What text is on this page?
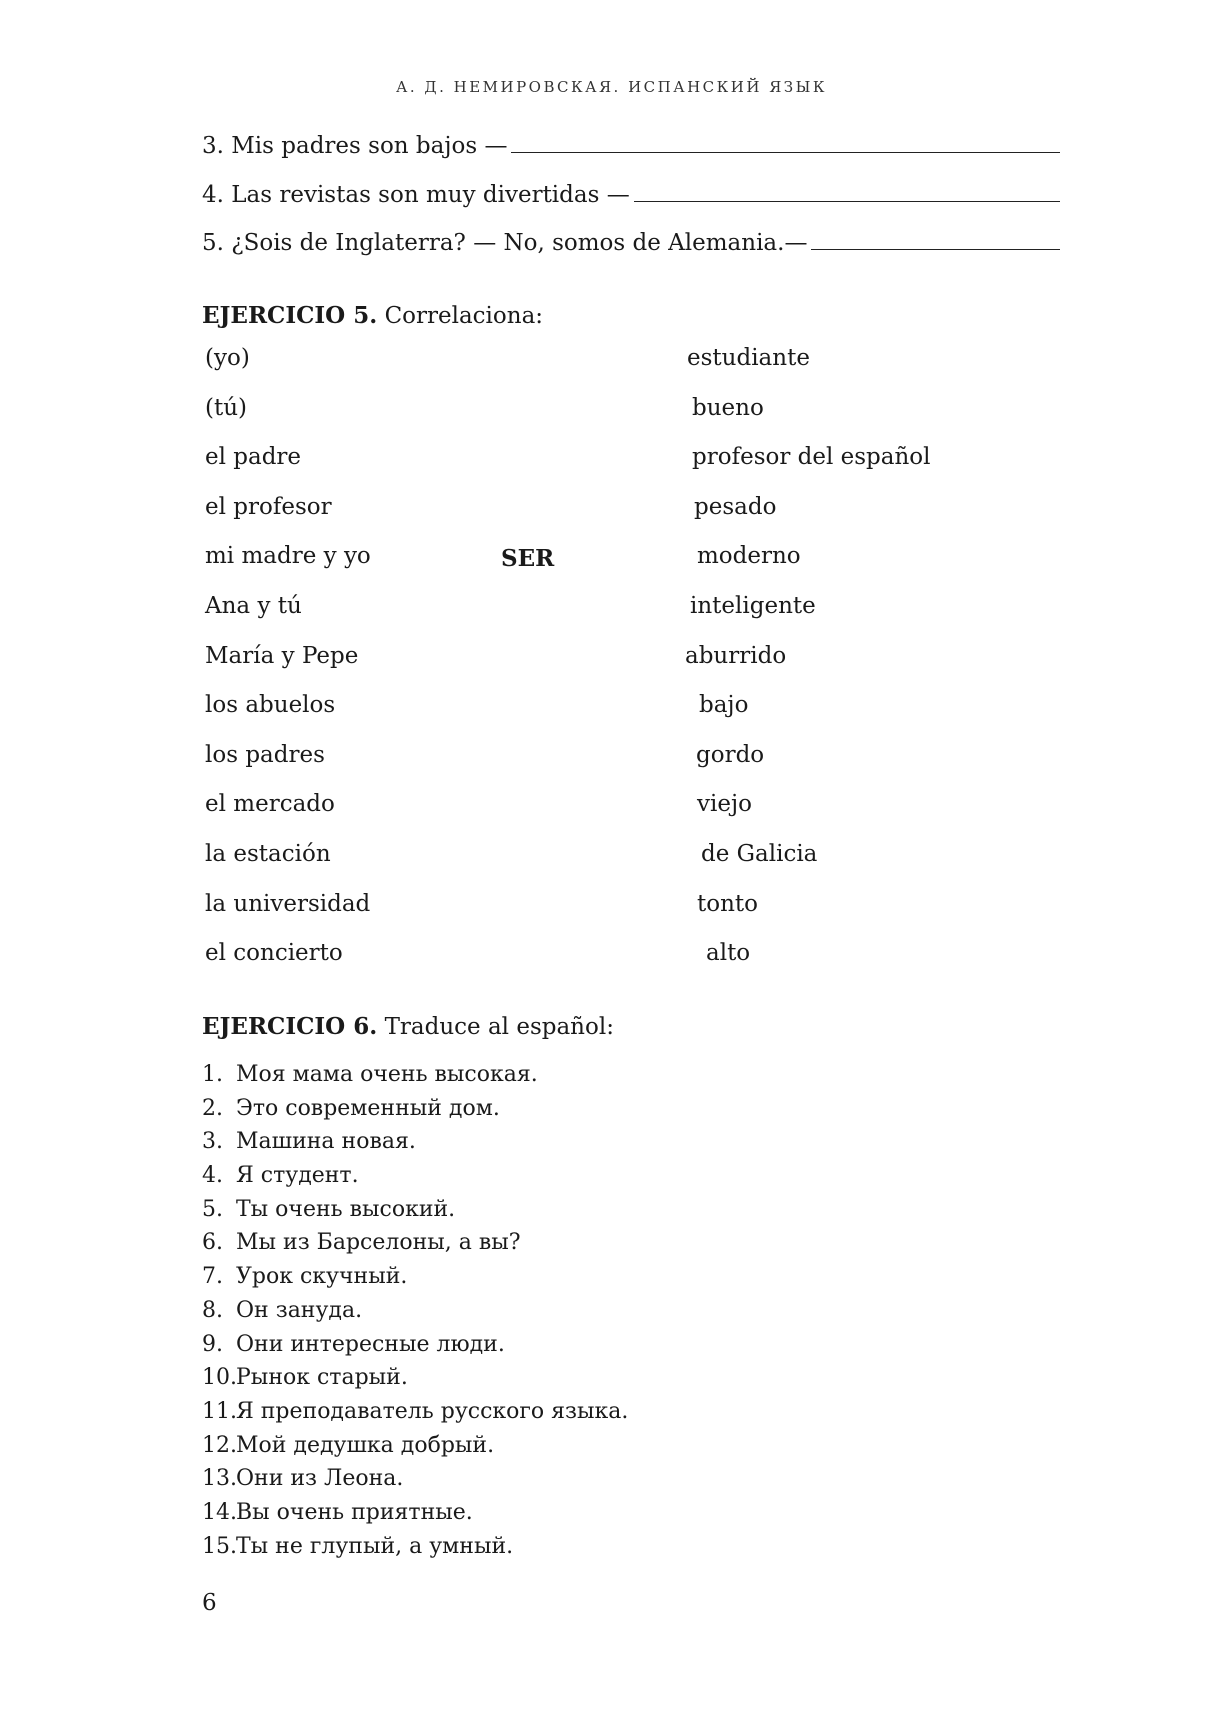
А. Д. НЕМИРОВСКАЯ. ИСПАНСКИЙ ЯЗЫК
3. Mis padres son bajos —
4. Las revistas son muy divertidas —
5. ¿Sois de Inglaterra? — No, somos de Alemania.—
EJERCICIO 5. Correlaciona:
(yo)	estudiante
(tú)	bueno
el padre	profesor del español
el profesor	pesado
mi madre y yo	moderno
Ana y tú	inteligente
María y Pepe	aburrido
los abuelos	bajo
los padres	gordo
el mercado	viejo
la estación	de Galicia
la universidad	tonto
el concierto	alto
SER
EJERCICIO 6. Traduce al español:
1. Моя мама очень высокая.
2. Это современный дом.
3. Машина новая.
4. Я студент.
5. Ты очень высокий.
6. Мы из Барселоны, а вы?
7. Урок скучный.
8. Он зануда.
9. Они интересные люди.
10. Рынок старый.
11. Я преподаватель русского языка.
12. Мой дедушка добрый.
13. Они из Леона.
14. Вы очень приятные.
15. Ты не глупый, а умный.
6
